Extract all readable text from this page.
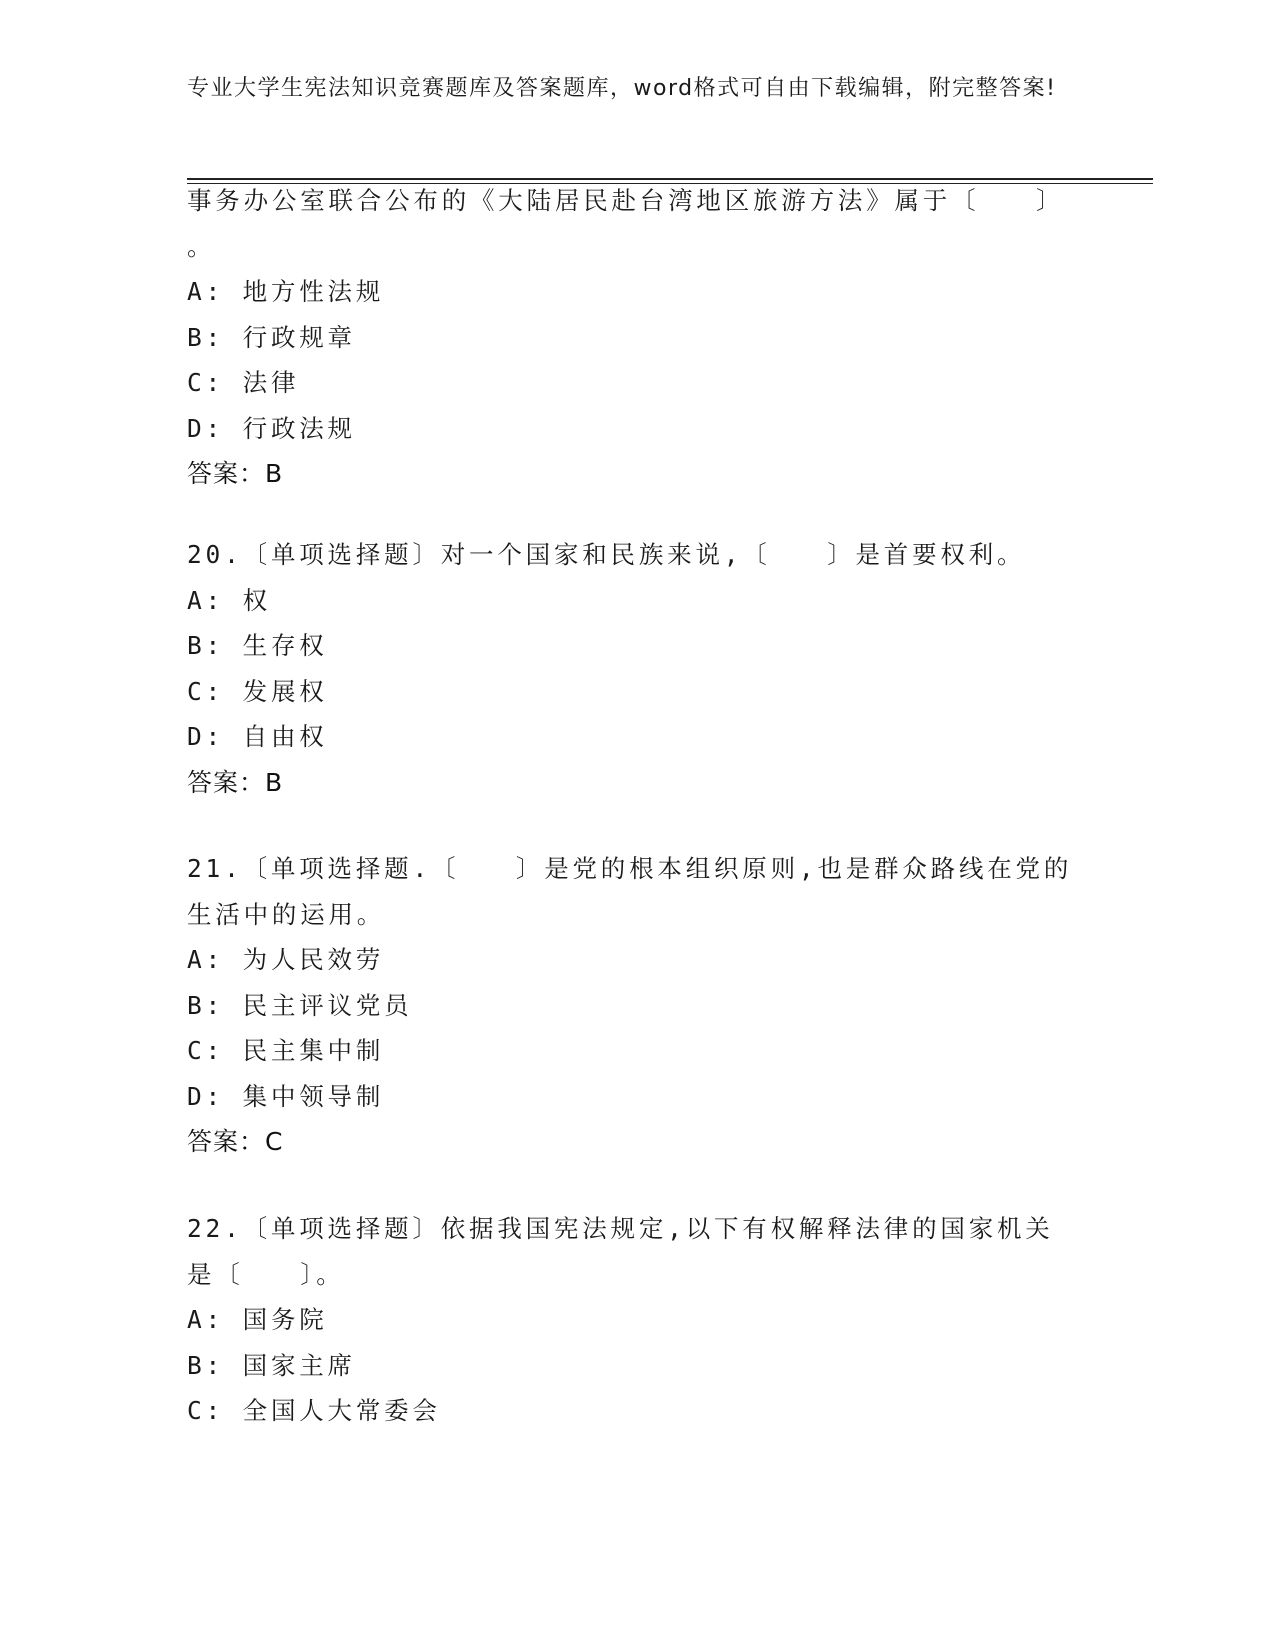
专业大学生宪法知识竞赛题库及答案题库，word格式可自由下载编辑，附完整答案!
事务办公室联合公布的《大陆居民赴台湾地区旅游方法》属于〔　　〕
。
A: 地方性法规
B: 行政规章
C: 法律
D: 行政法规
答案：B
20.〔单项选择题〕对一个国家和民族来说,〔　　〕是首要权利。
A: 权
B: 生存权
C: 发展权
D: 自由权
答案：B
21.〔单项选择题.〔　　〕是党的根本组织原则,也是群众路线在党的
生活中的运用。
A: 为人民效劳
B: 民主评议党员
C: 民主集中制
D: 集中领导制
答案：C
22.〔单项选择题〕依据我国宪法规定,以下有权解释法律的国家机关
是〔　　〕。
A: 国务院
B: 国家主席
C: 全国人大常委会
